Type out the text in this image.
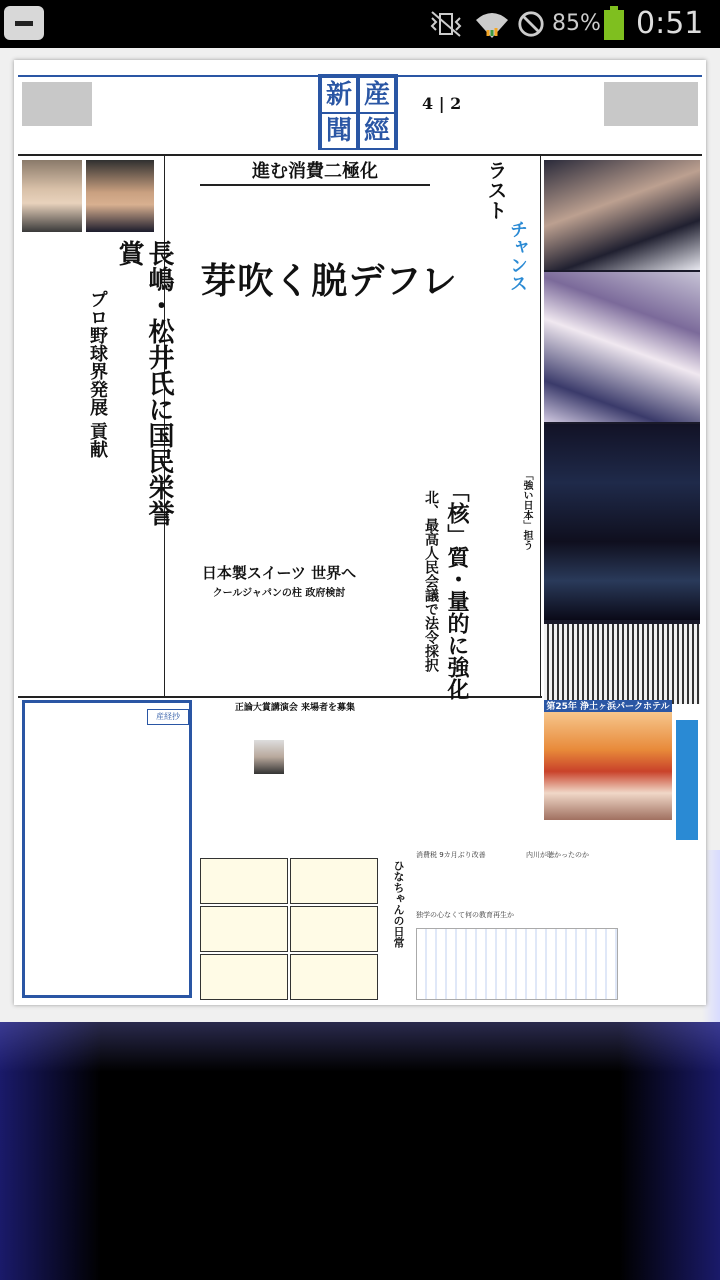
85% 0:51
産
經
新
聞
4 | 2
長嶋・松井氏に国民栄誉賞
プロ野球界発展 貢献
進む消費二極化
芽吹く脱デフレ
ラスト
チャンス
「核」質・量的に強化
北、最高人民会議で法令採択	「強い日本」担う
日本製スイーツ 世界へ
クールジャパンの柱 政府検討
第25年 浄土ヶ浜パークホテル
産経抄
正論大賞講演会 来場者を募集
ひなちゃんの日常
消費税 9カ月ぶり改善	内川が聴かったのか
独学の心なくて何の教育再生か
